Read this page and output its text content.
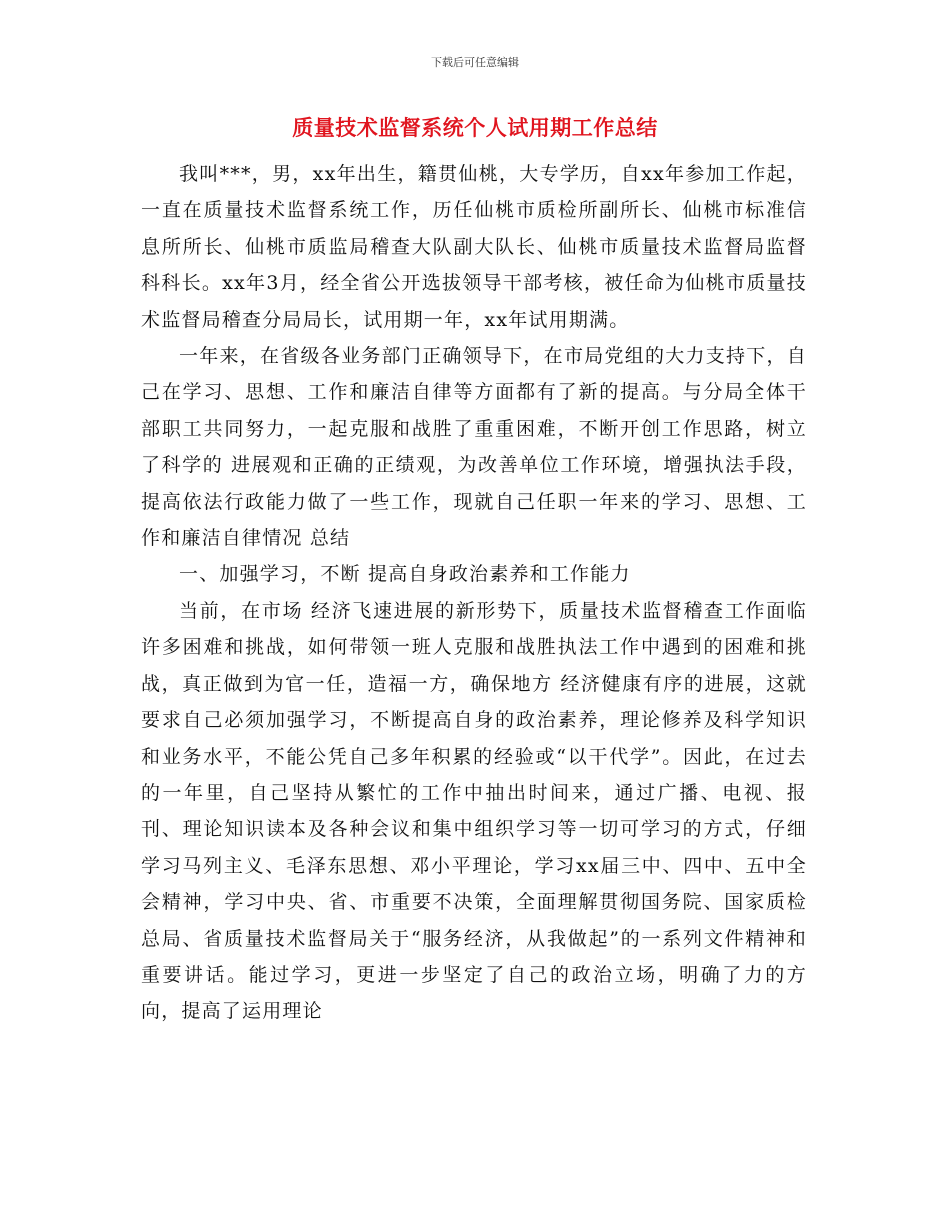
下载后可任意编辑
质量技术监督系统个人试用期工作总结

我叫***，男，xx年出生，籍贯仙桃，大专学历，自xx年参加工作起，一直在质量技术监督系统工作，历任仙桃市质检所副所长、仙桃市标准信息所所长、仙桃市质监局稽查大队副大队长、仙桃市质量技术监督局监督科科长。xx年3月，经全省公开选拔领导干部考核，被任命为仙桃市质量技术监督局稽查分局局长，试用期一年，xx年试用期满。

一年来，在省级各业务部门正确领导下，在市局党组的大力支持下，自己在学习、思想、工作和廉洁自律等方面都有了新的提高。与分局全体干部职工共同努力，一起克服和战胜了重重困难，不断开创工作思路，树立了科学的 进展观和正确的正绩观，为改善单位工作环境，增强执法手段，提高依法行政能力做了一些工作，现就自己任职一年来的学习、思想、工作和廉洁自律情况 总结

一、加强学习，不断 提高自身政治素养和工作能力

当前，在市场 经济飞速进展的新形势下，质量技术监督稽查工作面临许多困难和挑战，如何带领一班人克服和战胜执法工作中遇到的困难和挑战，真正做到为官一任，造福一方，确保地方 经济健康有序的进展，这就要求自己必须加强学习，不断提高自身的政治素养，理论修养及科学知识和业务水平，不能公凭自己多年积累的经验或“以干代学”。因此，在过去的一年里，自己坚持从繁忙的工作中抽出时间来，通过广播、电视、报刊、理论知识读本及各种会议和集中组织学习等一切可学习的方式，仔细学习马列主义、毛泽东思想、邓小平理论，学习xx届三中、四中、五中全会精神，学习中央、省、市重要不决策，全面理解贯彻国务院、国家质检总局、省质量技术监督局关于“服务经济，从我做起”的一系列文件精神和重要讲话。能过学习，更进一步坚定了自己的政治立场，明确了力的方向，提高了运用理论
